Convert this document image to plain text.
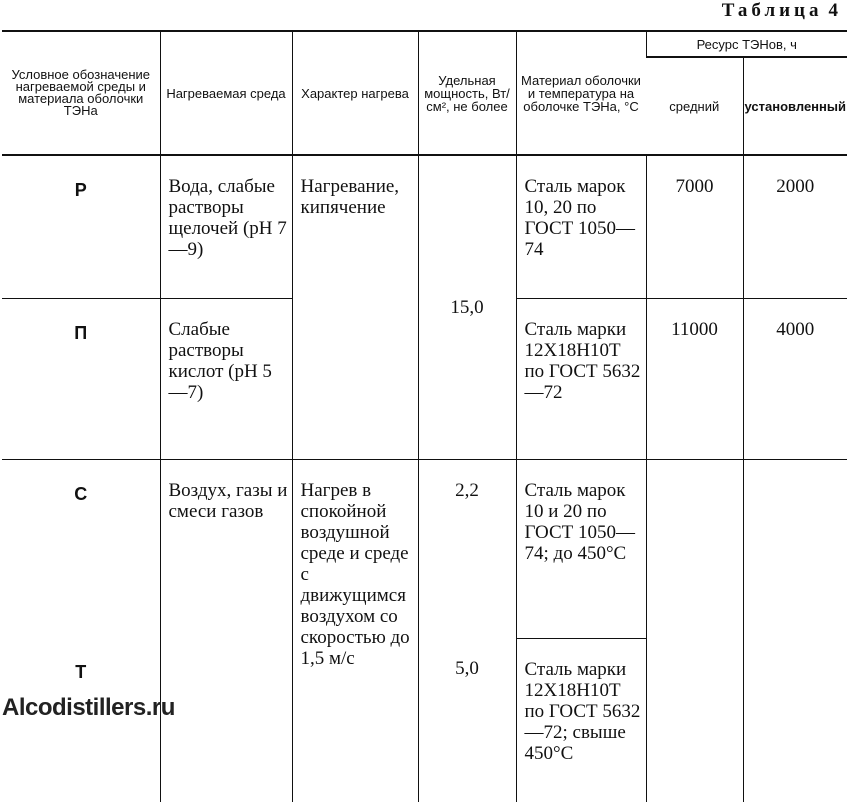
Таблица 4
Условное обозначение нагреваемой среды и материала оболочки ТЭНа	Нагреваемая среда	Характер нагрева	Удельная мощность, Вт/см², не более	Материал оболочки и температура на оболочке ТЭНа, °С	Ресурс ТЭНов, ч	
					средний	установленный
Р	Вода, слабые растворы щелочей (рН 7—9)	Нагревание, кипячение	15,0	Сталь марок 10, 20 по ГОСТ 1050—74	7000	2000
П	Слабые растворы кислот (рН 5—7)			Сталь марки 12Х18Н10Т по ГОСТ 5632—72	11000	4000
С	Воздух, газы и смеси газов	Нагрев в спокойной воздушной среде и среде с движущимся воздухом со скоростью до 1,5 м/с	2,2	Сталь марок 10 и 20 по ГОСТ 1050—74; до 450°С		
Т			5,0	Сталь марки 12Х18Н10Т по ГОСТ 5632—72; свыше 450°С		
Alcodistillers.ru
